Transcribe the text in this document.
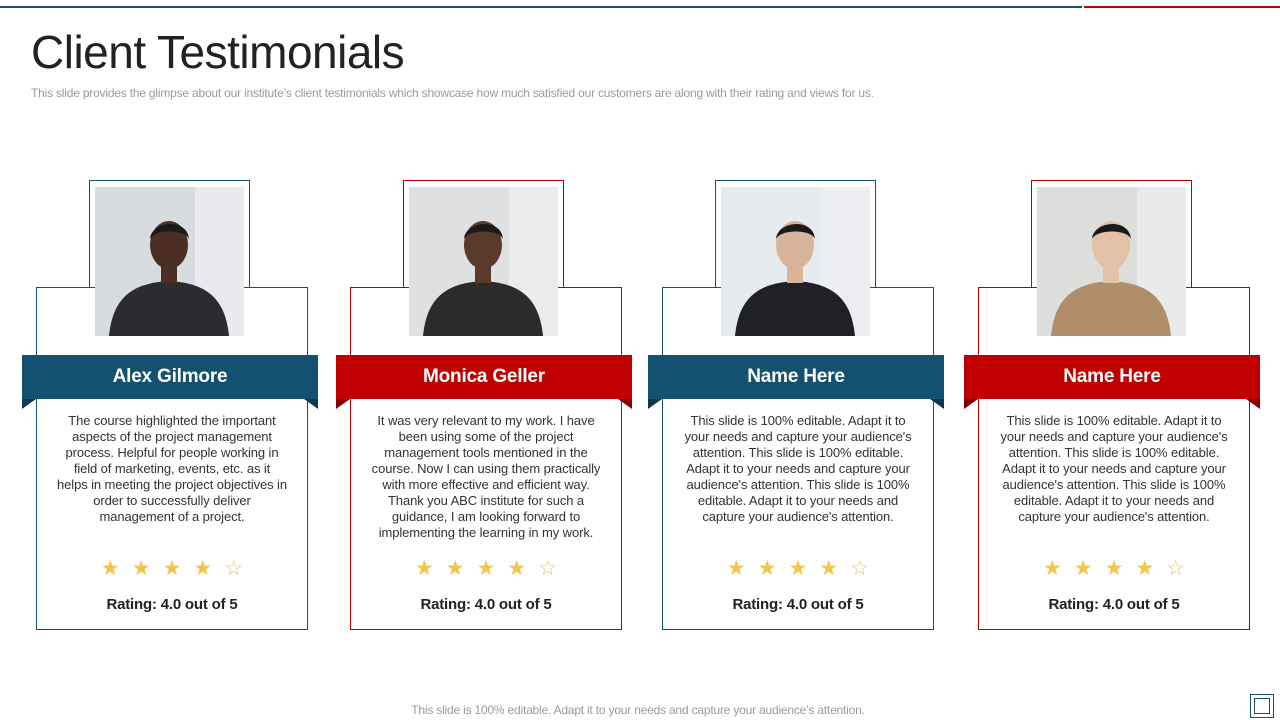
Client Testimonials
This slide provides the glimpse about our institute’s client testimonials which showcase how much satisfied our customers are along with their rating and views for us.
Alex Gilmore
The course highlighted the important aspects of the project management process. Helpful for people working in field of marketing, events, etc. as it helps in meeting the project objectives in order to successfully deliver management of a project.
★ ★ ★ ★ ☆
Rating: 4.0 out of 5
Monica Geller
It was very relevant to my work. I have been using some of the project management tools mentioned in the course. Now I can using them practically with more effective and efficient way. Thank you ABC institute for such a guidance, I am looking forward to implementing the learning in my work.
★ ★ ★ ★ ☆
Rating: 4.0 out of 5
Name Here
This slide is 100% editable. Adapt it to your needs and capture your audience's attention. This slide is 100% editable. Adapt it to your needs and capture your audience's attention. This slide is 100% editable. Adapt it to your needs and capture your audience's attention.
★ ★ ★ ★ ☆
Rating: 4.0 out of 5
Name Here
This slide is 100% editable. Adapt it to your needs and capture your audience's attention. This slide is 100% editable. Adapt it to your needs and capture your audience's attention. This slide is 100% editable. Adapt it to your needs and capture your audience's attention.
★ ★ ★ ★ ☆
Rating: 4.0 out of 5
This slide is 100% editable. Adapt it to your needs and capture your audience’s attention.
